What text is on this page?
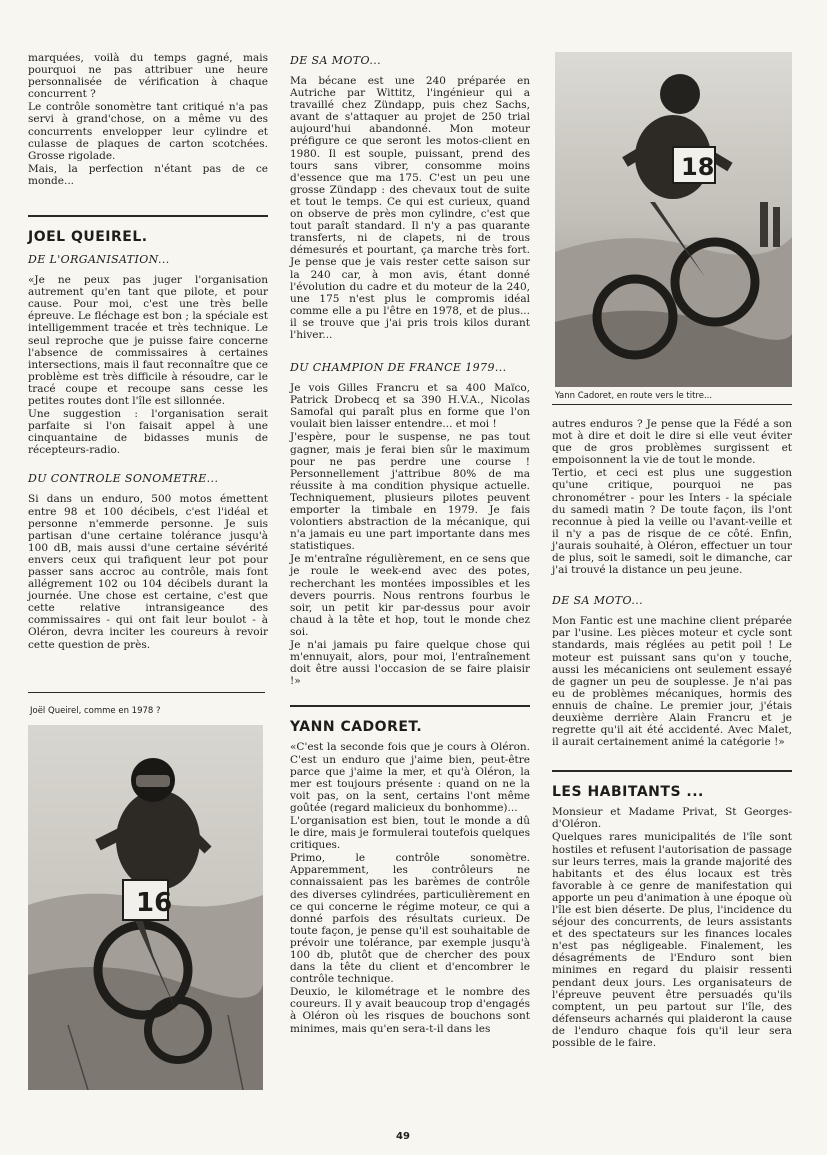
marquées, voilà du temps gagné, mais pourquoi ne pas attribuer une heure personnalisée de vérification à chaque concurrent ?

Le contrôle sonomètre tant critiqué n'a pas servi à grand'chose, on a même vu des concurrents envelopper leur cylindre et culasse de plaques de carton scotchées. Grosse rigolade.

Mais, la perfection n'étant pas de ce monde...

JOEL QUEIREL.
DE L'ORGANISATION...

«Je ne peux pas juger l'organisation autrement qu'en tant que pilote, et pour cause. Pour moi, c'est une très belle épreuve. Le fléchage est bon ; la spéciale est intelligemment tracée et très technique. Le seul reproche que je puisse faire concerne l'absence de commissaires à certaines intersections, mais il faut reconnaître que ce problème est très difficile à résoudre, car le tracé coupe et recoupe sans cesse les petites routes dont l'île est sillonnée.

Une suggestion : l'organisation serait parfaite si l'on faisait appel à une cinquantaine de bidasses munis de récepteurs-radio.

DU CONTROLE SONOMETRE...

Si dans un enduro, 500 motos émettent entre 98 et 100 décibels, c'est l'idéal et personne n'emmerde personne. Je suis partisan d'une certaine tolérance jusqu'à 100 dB, mais aussi d'une certaine sévérité envers ceux qui trafiquent leur pot pour passer sans accroc au contrôle, mais font allégrement 102 ou 104 décibels durant la journée. Une chose est certaine, c'est que cette relative intransigeance des commissaires - qui ont fait leur boulot - à Oléron, devra inciter les coureurs à revoir cette question de près.

Joël Queirel, comme en 1978 ?
16
DE SA MOTO...

Ma bécane est une 240 préparée en Autriche par Wittitz, l'ingénieur qui a travaillé chez Zündapp, puis chez Sachs, avant de s'attaquer au projet de 250 trial aujourd'hui abandonné. Mon moteur préfigure ce que seront les motos-client en 1980. Il est souple, puissant, prend des tours sans vibrer, consomme moins d'essence que ma 175. C'est un peu une grosse Zündapp : des chevaux tout de suite et tout le temps. Ce qui est curieux, quand on observe de près mon cylindre, c'est que tout paraît standard. Il n'y a pas quarante transferts, ni de clapets, ni de trous démesurés et pourtant, ça marche très fort. Je pense que je vais rester cette saison sur la 240 car, à mon avis, étant donné l'évolution du cadre et du moteur de la 240, une 175 n'est plus le compromis idéal comme elle a pu l'être en 1978, et de plus... il se trouve que j'ai pris trois kilos durant l'hiver...

DU CHAMPION DE FRANCE 1979...

Je vois Gilles Francru et sa 400 Maïco, Patrick Drobecq et sa 390 H.V.A., Nicolas Samofal qui paraît plus en forme que l'on voulait bien laisser entendre... et moi !

J'espère, pour le suspense, ne pas tout gagner, mais je ferai bien sûr le maximum pour ne pas perdre une course ! Personnellement j'attribue 80% de ma réussite à ma condition physique actuelle. Techniquement, plusieurs pilotes peuvent emporter la timbale en 1979. Je fais volontiers abstraction de la mécanique, qui n'a jamais eu une part importante dans mes statistiques.

Je m'entraîne régulièrement, en ce sens que je roule le week-end avec des potes, recherchant les montées impossibles et les devers pourris. Nous rentrons fourbus le soir, un petit kir par-dessus pour avoir chaud à la tête et hop, tout le monde chez soi.

Je n'ai jamais pu faire quelque chose qui m'ennuyait, alors, pour moi, l'entraînement doit être aussi l'occasion de se faire plaisir !»

YANN CADORET.

«C'est la seconde fois que je cours à Oléron. C'est un enduro que j'aime bien, peut-être parce que j'aime la mer, et qu'à Oléron, la mer est toujours présente : quand on ne la voit pas, on la sent, certains l'ont même goûtée (regard malicieux du bonhomme)...

L'organisation est bien, tout le monde a dû le dire, mais je formulerai toutefois quelques critiques.

Primo, le contrôle sonomètre. Apparemment, les contrôleurs ne connaissaient pas les barèmes de contrôle des diverses cylindrées, particulièrement en ce qui concerne le régime moteur, ce qui a donné parfois des résultats curieux. De toute façon, je pense qu'il est souhaitable de prévoir une tolérance, par exemple jusqu'à 100 db, plutôt que de chercher des poux dans la tête du client et d'encombrer le contrôle technique.

Deuxio, le kilométrage et le nombre des coureurs. Il y avait beaucoup trop d'engagés à Oléron où les risques de bouchons sont minimes, mais qu'en sera-t-il dans les

18
Yann Cadoret, en route vers le titre...

autres enduros ? Je pense que la Fédé a son mot à dire et doit le dire si elle veut éviter que de gros problèmes surgissent et empoisonnent la vie de tout le monde.

Tertio, et ceci est plus une suggestion qu'une critique, pourquoi ne pas chronométrer - pour les Inters - la spéciale du samedi matin ? De toute façon, ils l'ont reconnue à pied la veille ou l'avant-veille et il n'y a pas de risque de ce côté. Enfin, j'aurais souhaité, à Oléron, effectuer un tour de plus, soit le samedi, soit le dimanche, car j'ai trouvé la distance un peu jeune.

DE SA MOTO...

Mon Fantic est une machine client préparée par l'usine. Les pièces moteur et cycle sont standards, mais réglées au petit poil ! Le moteur est puissant sans qu'on y touche, aussi les mécaniciens ont seulement essayé de gagner un peu de souplesse. Je n'ai pas eu de problèmes mécaniques, hormis des ennuis de chaîne. Le premier jour, j'étais deuxième derrière Alain Francru et je regrette qu'il ait été accidenté. Avec Malet, il aurait certainement animé la catégorie !»

LES HABITANTS ...

Monsieur et Madame Privat, St Georges-d'Oléron.

Quelques rares municipalités de l'île sont hostiles et refusent l'autorisation de passage sur leurs terres, mais la grande majorité des habitants et des élus locaux est très favorable à ce genre de manifestation qui apporte un peu d'animation à une époque où l'île est bien déserte. De plus, l'incidence du séjour des concurrents, de leurs assistants et des spectateurs sur les finances locales n'est pas négligeable. Finalement, les désagréments de l'Enduro sont bien minimes en regard du plaisir ressenti pendant deux jours. Les organisateurs de l'épreuve peuvent être persuadés qu'ils comptent, un peu partout sur l'île, des défenseurs acharnés qui plaideront la cause de l'enduro chaque fois qu'il leur sera possible de le faire.

49
